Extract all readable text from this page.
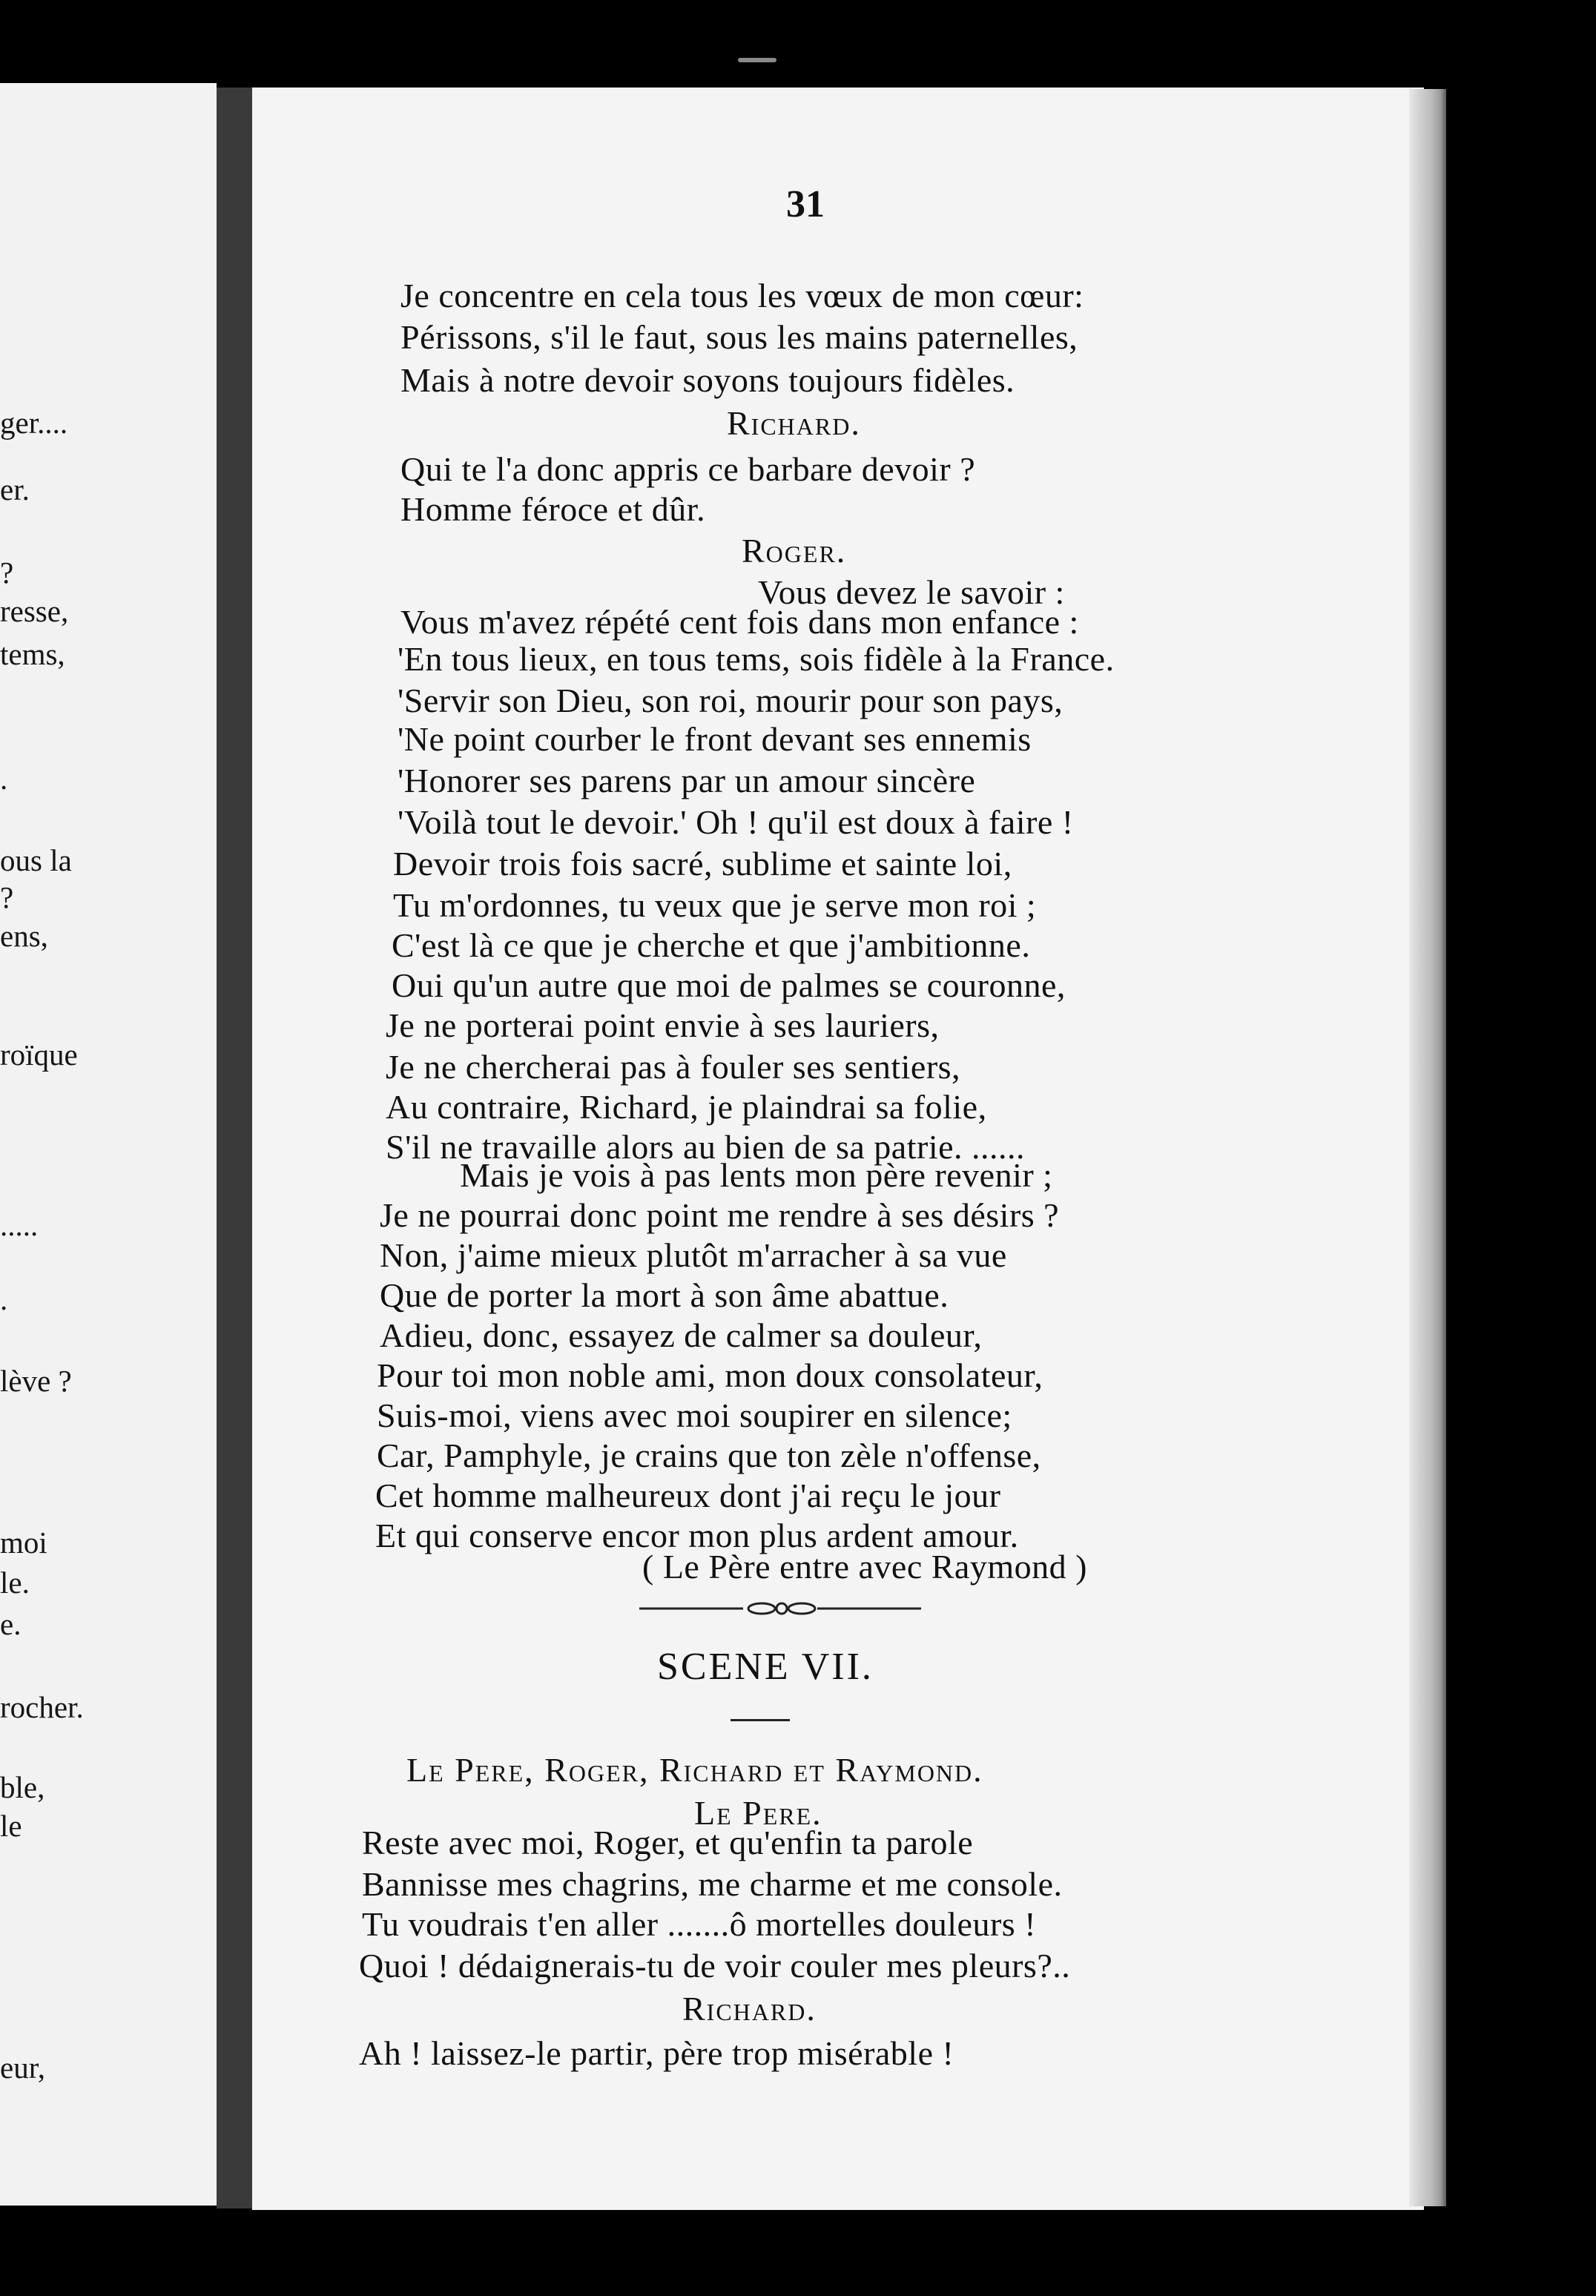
ger....
er.
?
resse,
tems,
.
ous la
?
ens,
roïque
.....
.
lève ?
moi
le.
e.
rocher.
ble,
le
eur,
31
Je concentre en cela tous les vœux de mon cœur:
Périssons, s'il le faut, sous les mains paternelles,
Mais à notre devoir soyons toujours fidèles.
Richard.
Qui te l'a donc appris ce barbare devoir ?
Homme féroce et dûr.
Roger.
Vous devez le savoir :
Vous m'avez répété cent fois dans mon enfance :
'En tous lieux, en tous tems, sois fidèle à la France.
'Servir son Dieu, son roi, mourir pour son pays,
'Ne point courber le front devant ses ennemis
'Honorer ses parens par un amour sincère
'Voilà tout le devoir.' Oh ! qu'il est doux à faire !
Devoir trois fois sacré, sublime et sainte loi,
Tu m'ordonnes, tu veux que je serve mon roi ;
C'est là ce que je cherche et que j'ambitionne.
Oui qu'un autre que moi de palmes se couronne,
Je ne porterai point envie à ses lauriers,
Je ne chercherai pas à fouler ses sentiers,
Au contraire, Richard, je plaindrai sa folie,
S'il ne travaille alors au bien de sa patrie. ......
Mais je vois à pas lents mon père revenir ;
Je ne pourrai donc point me rendre à ses désirs ?
Non, j'aime mieux plutôt m'arracher à sa vue
Que de porter la mort à son âme abattue.
Adieu, donc, essayez de calmer sa douleur,
Pour toi mon noble ami, mon doux consolateur,
Suis-moi, viens avec moi soupirer en silence;
Car, Pamphyle, je crains que ton zèle n'offense,
Cet homme malheureux dont j'ai reçu le jour
Et qui conserve encor mon plus ardent amour.
( Le Père entre avec Raymond )
SCENE VII.
Le Pere, Roger, Richard et Raymond.
Le Pere.
Reste avec moi, Roger, et qu'enfin ta parole
Bannisse mes chagrins, me charme et me console.
Tu voudrais t'en aller .......ô mortelles douleurs !
Quoi ! dédaignerais-tu de voir couler mes pleurs?..
Richard.
Ah ! laissez-le partir, père trop misérable !
